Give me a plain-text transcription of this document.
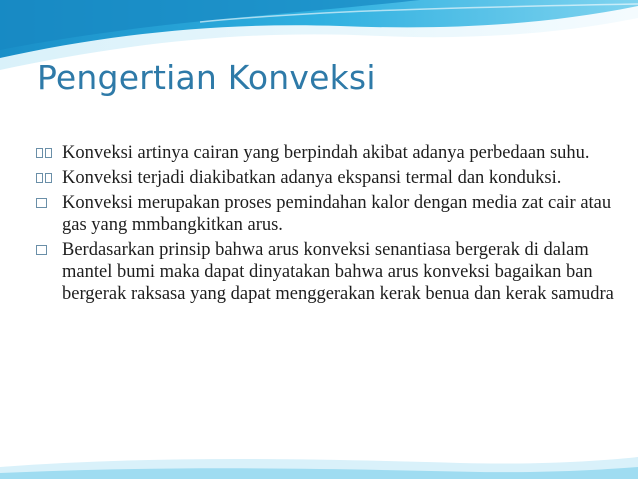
Pengertian Konveksi
Konveksi artinya cairan yang berpindah akibat adanya perbedaan suhu.
Konveksi terjadi diakibatkan adanya ekspansi termal dan konduksi.
Konveksi merupakan proses pemindahan kalor dengan media zat cair atau gas yang mmbangkitkan arus.
Berdasarkan prinsip bahwa arus konveksi senantiasa bergerak di dalam mantel bumi maka dapat dinyatakan bahwa arus konveksi bagaikan ban bergerak raksasa yang dapat menggerakan kerak benua dan kerak samudra
